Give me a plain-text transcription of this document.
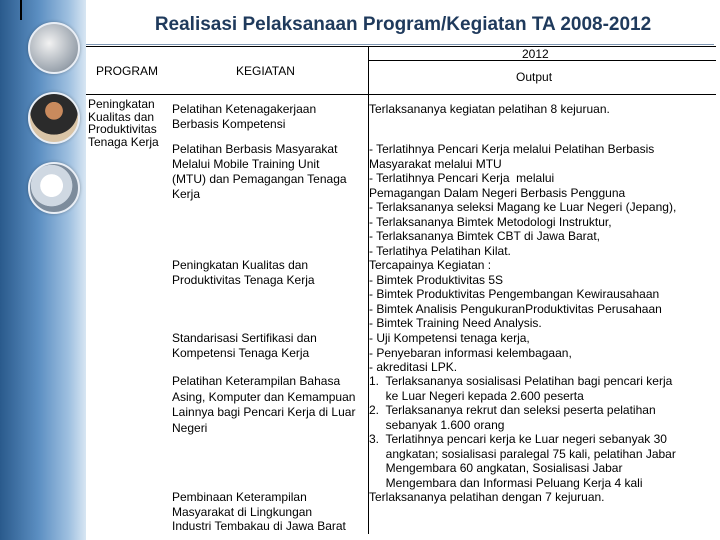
Realisasi Pelaksanaan Program/Kegiatan TA 2008-2012
PROGRAM	KEGIATAN
2012
Output
Peningkatan
Kualitas dan
Produktivitas
Tenaga Kerja
Pelatihan Ketenagakerjaan
Berbasis Kompetensi
Pelatihan Berbasis Masyarakat
Melalui Mobile Training Unit
(MTU) dan Pemagangan Tenaga
Kerja
Peningkatan Kualitas dan
Produktivitas Tenaga Kerja
Standarisasi Sertifikasi dan
Kompetensi Tenaga Kerja
Pelatihan Keterampilan Bahasa
Asing, Komputer dan Kemampuan
Lainnya bagi Pencari Kerja di Luar
Negeri
Pembinaan Keterampilan
Masyarakat di Lingkungan
Industri Tembakau di Jawa Barat
Terlaksananya kegiatan pelatihan 8 kejuruan.
- Terlatihnya Pencari Kerja melalui Pelatihan Berbasis
Masyarakat melalui MTU
- Terlatihnya Pencari Kerja  melalui
Pemagangan Dalam Negeri Berbasis Pengguna
- Terlaksananya seleksi Magang ke Luar Negeri (Jepang),
- Terlaksananya Bimtek Metodologi Instruktur,
- Terlaksananya Bimtek CBT di Jawa Barat,
- Terlatihya Pelatihan Kilat.
Tercapainya Kegiatan :
- Bimtek Produktivitas 5S
- Bimtek Produktivitas Pengembangan Kewirausahaan
- Bimtek Analisis PengukuranProduktivitas Perusahaan
- Bimtek Training Need Analysis.
- Uji Kompetensi tenaga kerja,
- Penyebaran informasi kelembagaan,
- akreditasi LPK.
1.  Terlaksananya sosialisasi Pelatihan bagi pencari kerja
ke Luar Negeri kepada 2.600 peserta
2.  Terlaksananya rekrut dan seleksi peserta pelatihan
sebanyak 1.600 orang
3.  Terlatihnya pencari kerja ke Luar negeri sebanyak 30
angkatan; sosialisasi paralegal 75 kali, pelatihan Jabar
Mengembara 60 angkatan, Sosialisasi Jabar
Mengembara dan Informasi Peluang Kerja 4 kali
Terlaksananya pelatihan dengan 7 kejuruan.
